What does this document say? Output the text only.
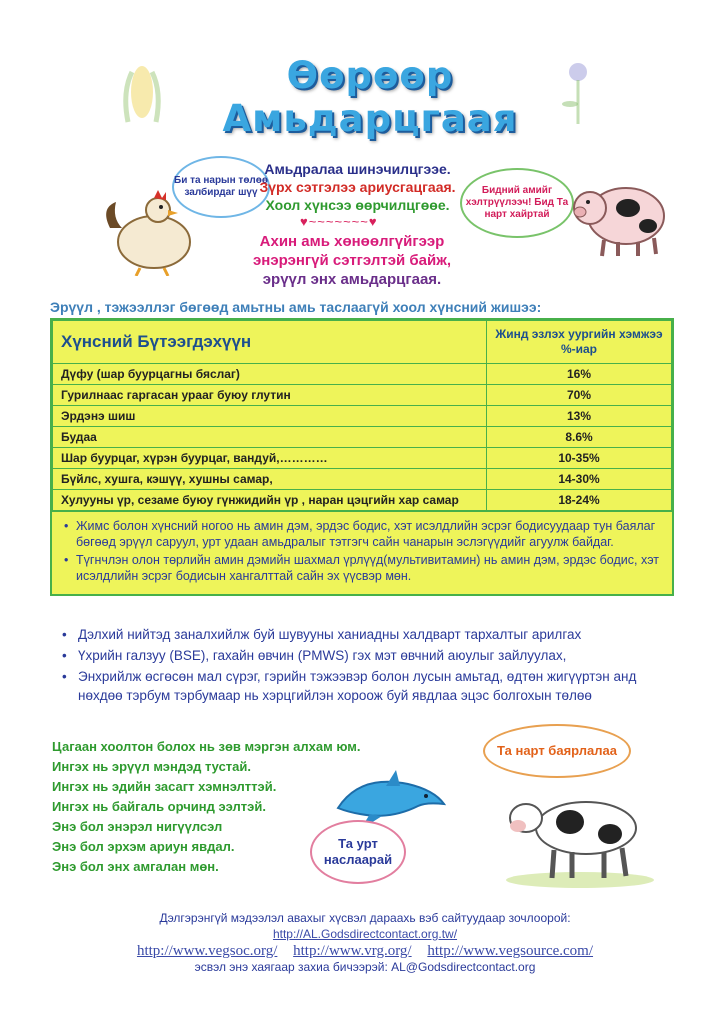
Өөрөөр Амьдарцгаая
Би та нарын төлөө залбирдаг шүү
Амьдралаа шинэчилцгээе.
Зүрх сэтгэлээ ариусгацгаая.
Хоол хүнсээ өөрчилцгөөе.
♥~~~~~~~♥
Ахин амь хөнөөлгүйгээр
энэрэнгүй сэтгэлтэй байж,
эрүүл энх амьдарцгаая.
Бидний амийг хэлтрүүлээч! Бид Та нарт хайртай
Эрүүл , тэжээллэг бөгөөд амьтны амь таслаагүй хоол хүнсний жишээ:
Хүнсний Бүтээгдэхүүн	Жинд эзлэх уургийн хэмжээ %-иар
Дүфу (шар буурцагны бяслаг)	16%
Гурилнаас гаргасан урааг буюу глутин	70%
Эрдэнэ шиш	13%
Будаа	8.6%
Шар буурцаг, хүрэн буурцаг, вандуй,…………	10-35%
Бүйлс, хушга, кэшүү, хушны самар,	14-30%
Хулууны үр, сезаме буюу гүнжидийн үр , наран цэцгийн хар самар	18-24%
• Жимс болон хүнсний ногоо нь амин дэм, эрдэс бодис, хэт исэлдлийн эсрэг бодисуудаар тун баялаг бөгөөд эрүүл саруул, урт удаан амьдралыг тэтгэгч сайн чанарын эслэгүүдийг агуулж байдаг.
• Түгнчлэн олон төрлийн амин дэмийн шахмал үрлүүд(мультивитамин) нь амин дэм, эрдэс бодис, хэт исэлдлийн эсрэг бодисын хангалттай сайн эх үүсвэр мөн.
• Дэлхий нийтэд заналхийлж буй шувууны ханиадны халдварт тархалтыг арилгах
• Үхрийн галзуу (BSE), гахайн өвчин (PMWS) гэх мэт өвчний аюулыг зайлуулах,
• Энхрийлж өсгөсөн мал сүрэг, гэрийн тэжээвэр болон лусын амьтад, өдтөн жигүүртэн анд нөхдөө тэрбум тэрбумаар нь хэрцгийлэн хороож буй явдлаа эцэс болгохын төлөө
Цагаан хоолтон болох нь зөв мэргэн алхам юм.
Ингэх нь эрүүл мэндэд тустай.
Ингэх нь эдийн засагт хэмнэлттэй.
Ингэх нь байгаль орчинд ээлтэй.
Энэ бол энэрэл нигүүлсэл
Энэ бол эрхэм ариун явдал.
Энэ бол энх амгалан мөн.
Та урт наслаарай
Та нарт баярлалаа
Дэлгэрэнгүй мэдээлэл авахыг хүсвэл дараахь вэб сайтуудаар зочлоорой:
http://AL.Godsdirectcontact.org.tw/
http://www.vegsoc.org/ http://www.vrg.org/ http://www.vegsource.com/
эсвэл энэ хаягаар захиа бичээрэй: AL@Godsdirectcontact.org
